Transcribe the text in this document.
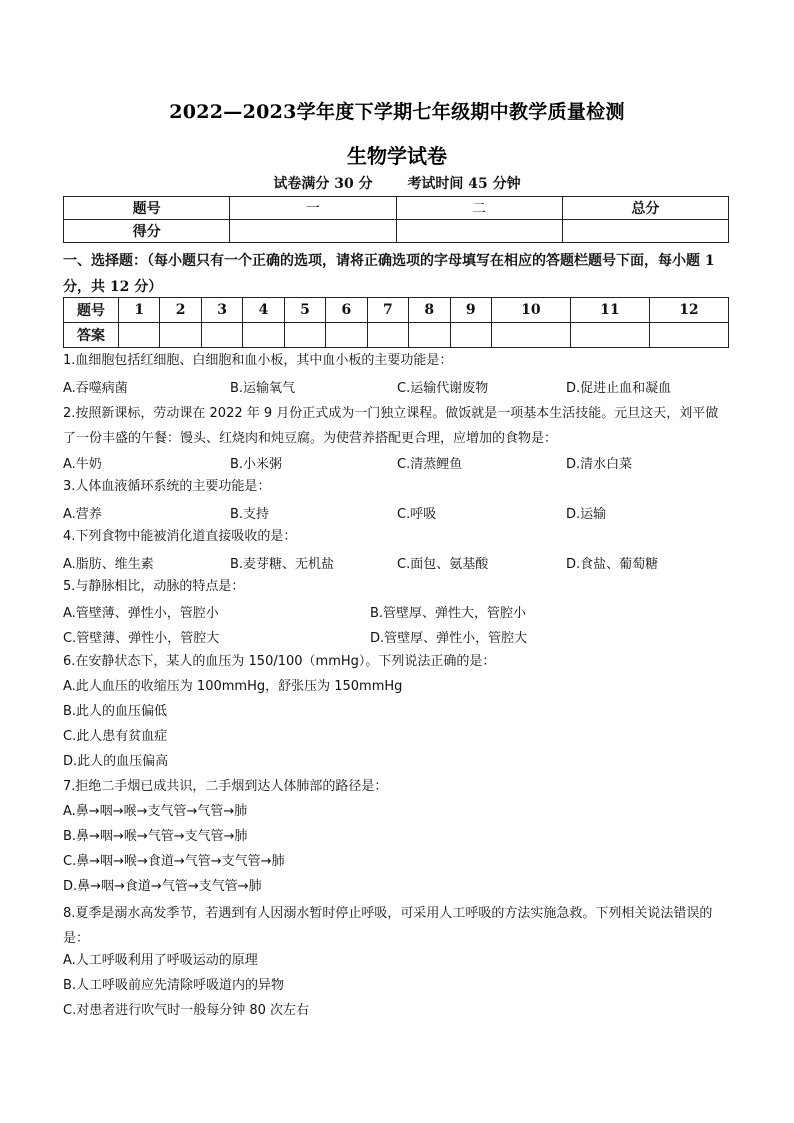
2022—2023学年度下学期七年级期中教学质量检测
生物学试卷
试卷满分 30 分 考试时间 45 分钟
题号	一	二	总分
得分			
一、选择题：（每小题只有一个正确的选项，请将正确选项的字母填写在相应的答题栏题号下面，每小题 1 分，共 12 分）
题号	1	2	3	4	5	6	7	8	9	10	11	12
答案												
1.血细胞包括红细胞、白细胞和血小板，其中血小板的主要功能是：
A.吞噬病菌	B.运输氧气	C.运输代谢废物	D.促进止血和凝血
2.按照新课标，劳动课在 2022 年 9 月份正式成为一门独立课程。做饭就是一项基本生活技能。元旦这天，刘平做了一份丰盛的午餐：馒头、红烧肉和炖豆腐。为使营养搭配更合理，应增加的食物是：
A.牛奶	B.小米粥	C.清蒸鲤鱼	D.清水白菜
3.人体血液循环系统的主要功能是：
A.营养	B.支持	C.呼吸	D.运输
4.下列食物中能被消化道直接吸收的是：
A.脂肪、维生素	B.麦芽糖、无机盐	C.面包、氨基酸	D.食盐、葡萄糖
5.与静脉相比，动脉的特点是：
A.管壁薄、弹性小，管腔小	B.管壁厚、弹性大，管腔小
C.管壁薄、弹性小，管腔大	D.管壁厚、弹性小，管腔大
6.在安静状态下，某人的血压为 150/100（mmHg）。下列说法正确的是：
A.此人血压的收缩压为 100mmHg，舒张压为 150mmHg
B.此人的血压偏低
C.此人患有贫血症
D.此人的血压偏高
7.拒绝二手烟已成共识，二手烟到达人体肺部的路径是：
A.鼻→咽→喉→支气管→气管→肺
B.鼻→咽→喉→气管→支气管→肺
C.鼻→咽→喉→食道→气管→支气管→肺
D.鼻→咽→食道→气管→支气管→肺
8.夏季是溺水高发季节，若遇到有人因溺水暂时停止呼吸，可采用人工呼吸的方法实施急救。下列相关说法错误的是：
A.人工呼吸利用了呼吸运动的原理
B.人工呼吸前应先清除呼吸道内的异物
C.对患者进行吹气时一般每分钟 80 次左右
